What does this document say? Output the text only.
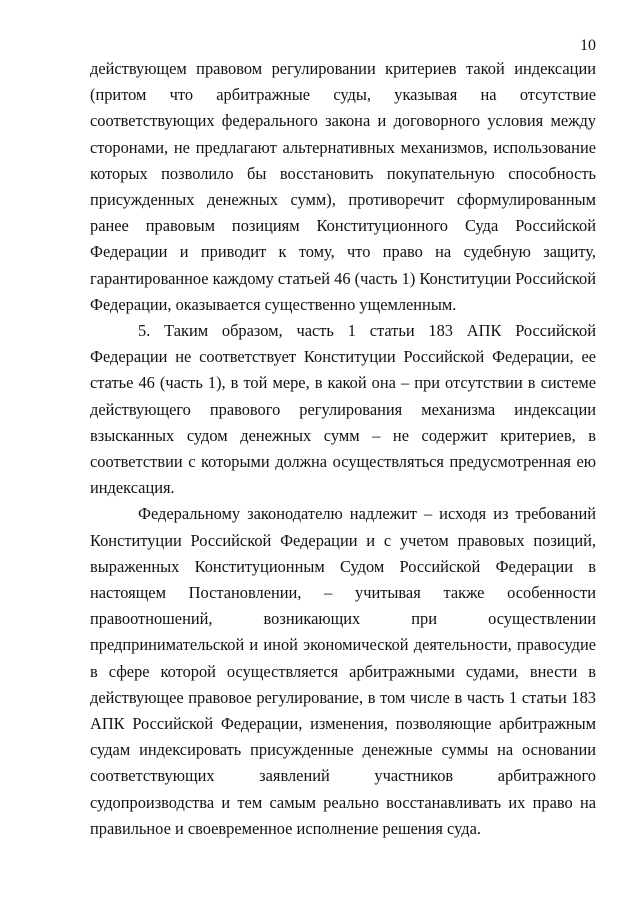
10

действующем правовом регулировании критериев такой индексации (притом что арбитражные суды, указывая на отсутствие соответствующих федерального закона и договорного условия между сторонами, не предлагают альтернативных механизмов, использование которых позволило бы восстановить покупательную способность присужденных денежных сумм), противоречит сформулированным ранее правовым позициям Конституционного Суда Российской Федерации и приводит к тому, что право на судебную защиту, гарантированное каждому статьей 46 (часть 1) Конституции Российской Федерации, оказывается существенно ущемленным.

5. Таким образом, часть 1 статьи 183 АПК Российской Федерации не соответствует Конституции Российской Федерации, ее статье 46 (часть 1), в той мере, в какой она – при отсутствии в системе действующего правового регулирования механизма индексации взысканных судом денежных сумм – не содержит критериев, в соответствии с которыми должна осуществляться предусмотренная ею индексация.

Федеральному законодателю надлежит – исходя из требований Конституции Российской Федерации и с учетом правовых позиций, выраженных Конституционным Судом Российской Федерации в настоящем Постановлении, – учитывая также особенности правоотношений, возникающих при осуществлении предпринимательской и иной экономической деятельности, правосудие в сфере которой осуществляется арбитражными судами, внести в действующее правовое регулирование, в том числе в часть 1 статьи 183 АПК Российской Федерации, изменения, позволяющие арбитражным судам индексировать присужденные денежные суммы на основании соответствующих заявлений участников арбитражного судопроизводства и тем самым реально восстанавливать их право на правильное и своевременное исполнение решения суда.
